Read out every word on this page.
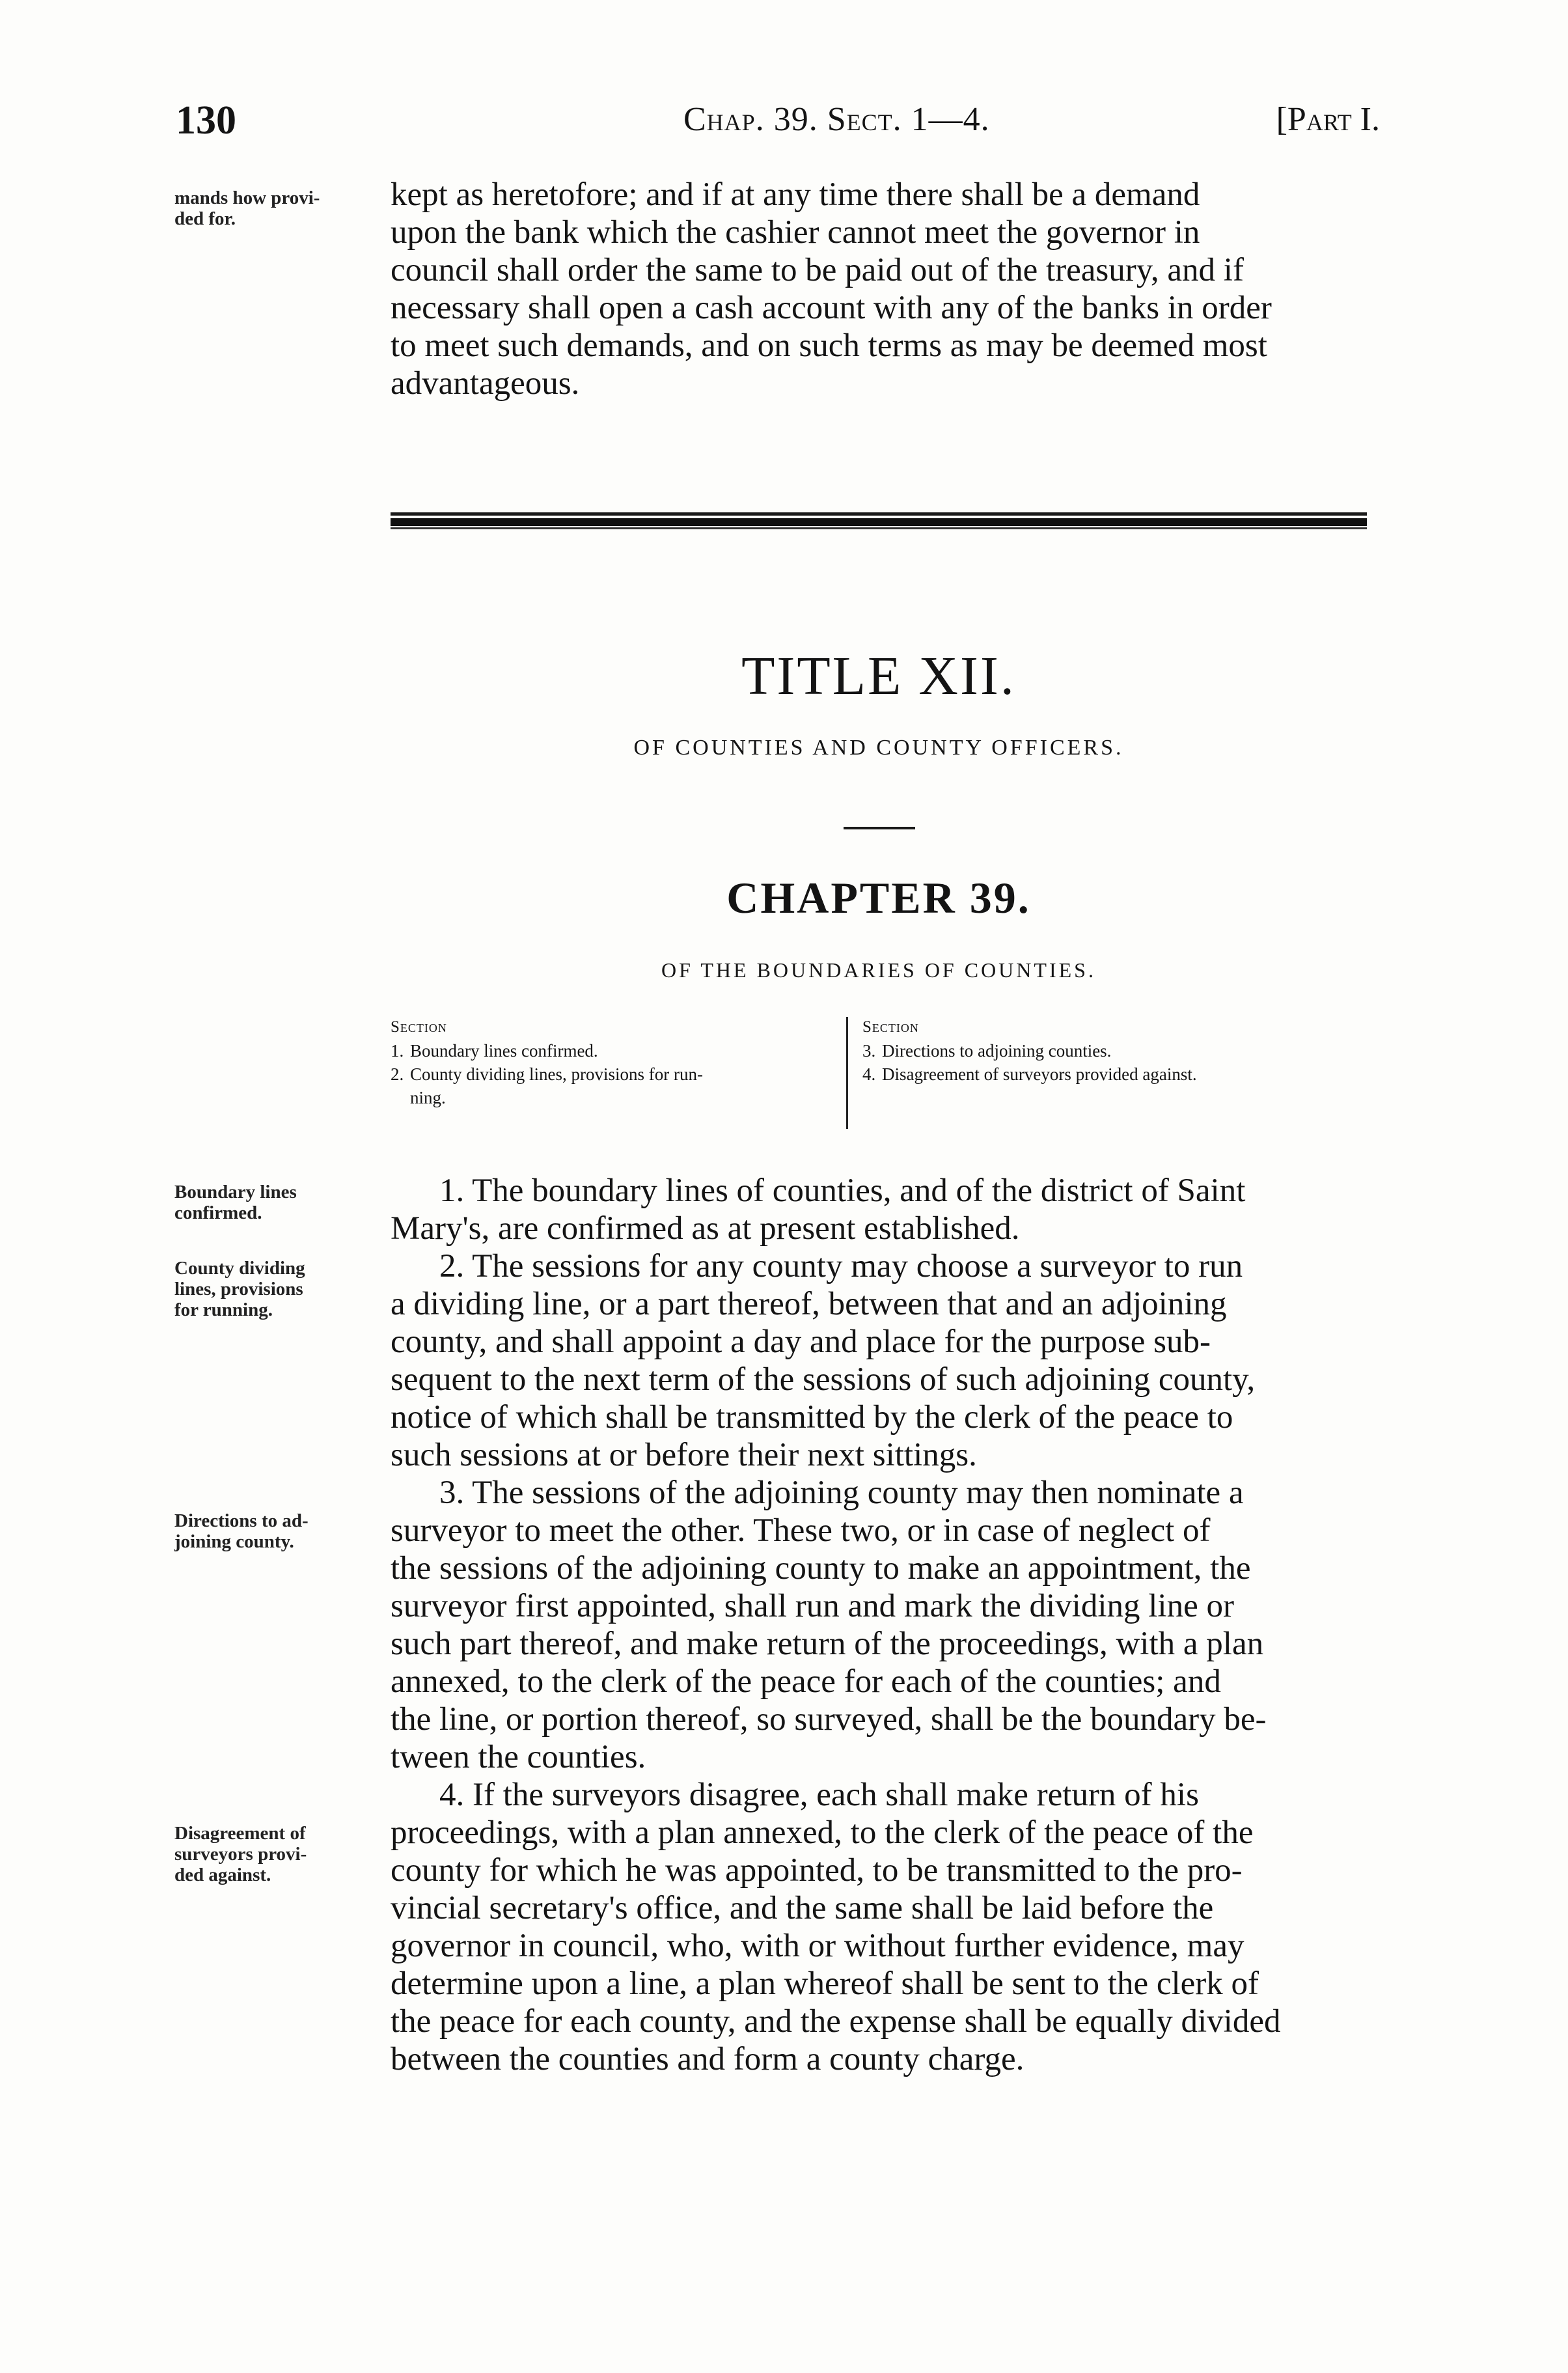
130	Chap. 39. Sect. 1—4.	[Part I.
mands how provi-
ded for.
kept as heretofore; and if at any time there shall be a demand
upon the bank which the cashier cannot meet the governor in
council shall order the same to be paid out of the treasury, and if
necessary shall open a cash account with any of the banks in order
to meet such demands, and on such terms as may be deemed most
advantageous.
TITLE XII.
OF COUNTIES AND COUNTY OFFICERS.
CHAPTER 39.
OF THE BOUNDARIES OF COUNTIES.
Section
1. Boundary lines confirmed.
2. County dividing lines, provisions for run-
ning.
Section
3. Directions to adjoining counties.
4. Disagreement of surveyors provided against.
Boundary lines
confirmed.
1. The boundary lines of counties, and of the district of Saint
Mary's, are confirmed as at present established.
County dividing
lines, provisions
for running.
2. The sessions for any county may choose a surveyor to run
a dividing line, or a part thereof, between that and an adjoining
county, and shall appoint a day and place for the purpose sub-
sequent to the next term of the sessions of such adjoining county,
notice of which shall be transmitted by the clerk of the peace to
such sessions at or before their next sittings.
Directions to ad-
joining county.
3. The sessions of the adjoining county may then nominate a
surveyor to meet the other. These two, or in case of neglect of
the sessions of the adjoining county to make an appointment, the
surveyor first appointed, shall run and mark the dividing line or
such part thereof, and make return of the proceedings, with a plan
annexed, to the clerk of the peace for each of the counties; and
the line, or portion thereof, so surveyed, shall be the boundary be-
tween the counties.
Disagreement of
surveyors provi-
ded against.
4. If the surveyors disagree, each shall make return of his
proceedings, with a plan annexed, to the clerk of the peace of the
county for which he was appointed, to be transmitted to the pro-
vincial secretary's office, and the same shall be laid before the
governor in council, who, with or without further evidence, may
determine upon a line, a plan whereof shall be sent to the clerk of
the peace for each county, and the expense shall be equally divided
between the counties and form a county charge.
